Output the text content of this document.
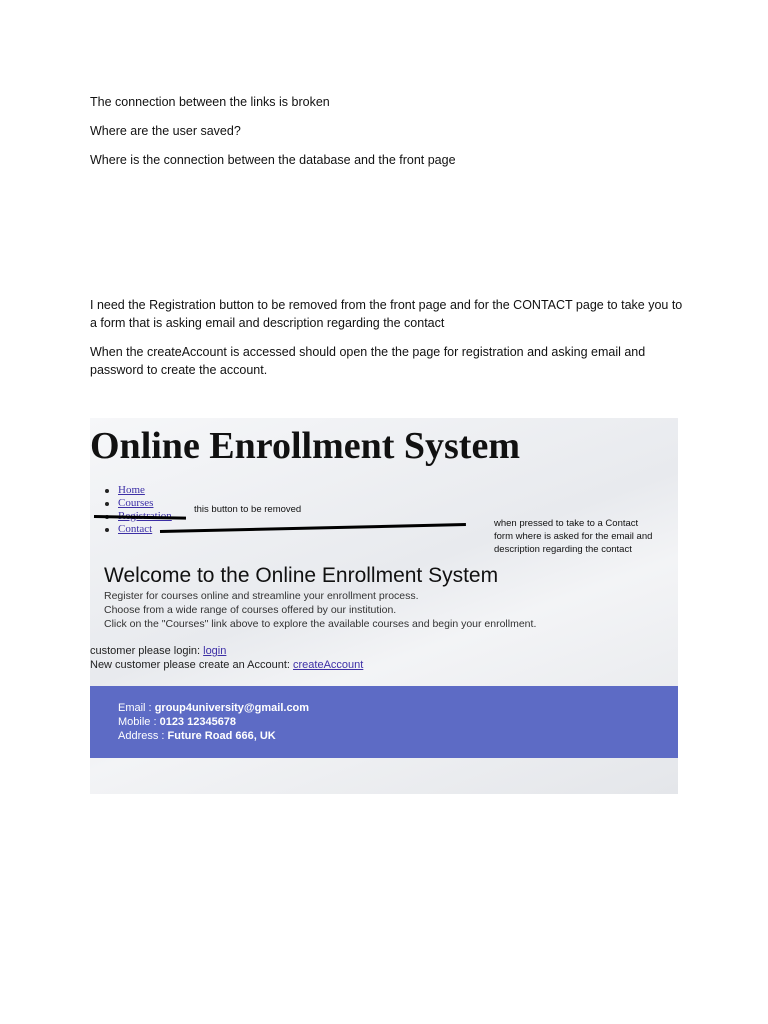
The connection between the links is broken

Where are the user saved?

Where is the connection between the database and the front page

I need the Registration button to be removed from the front page and for the CONTACT page to take you to a form that is asking email and description regarding the contact

When the createAccount is accessed should open the the page for registration and asking email and password to create the account.

Online Enrollment System
Home
Courses
Contact

this button to be removed

when pressed to take to a Contact

form where is asked for the email and

description regarding the contact

Welcome to the Online Enrollment System

Register for courses online and streamline your enrollment process.

Choose from a wide range of courses offered by our institution.

Click on the "Courses" link above to explore the available courses and begin your enrollment.

customer please login: login

New customer please create an Account: createAccount

Email : group4university@gmail.com

Mobile : 0123 12345678

Address : Future Road 666, UK
